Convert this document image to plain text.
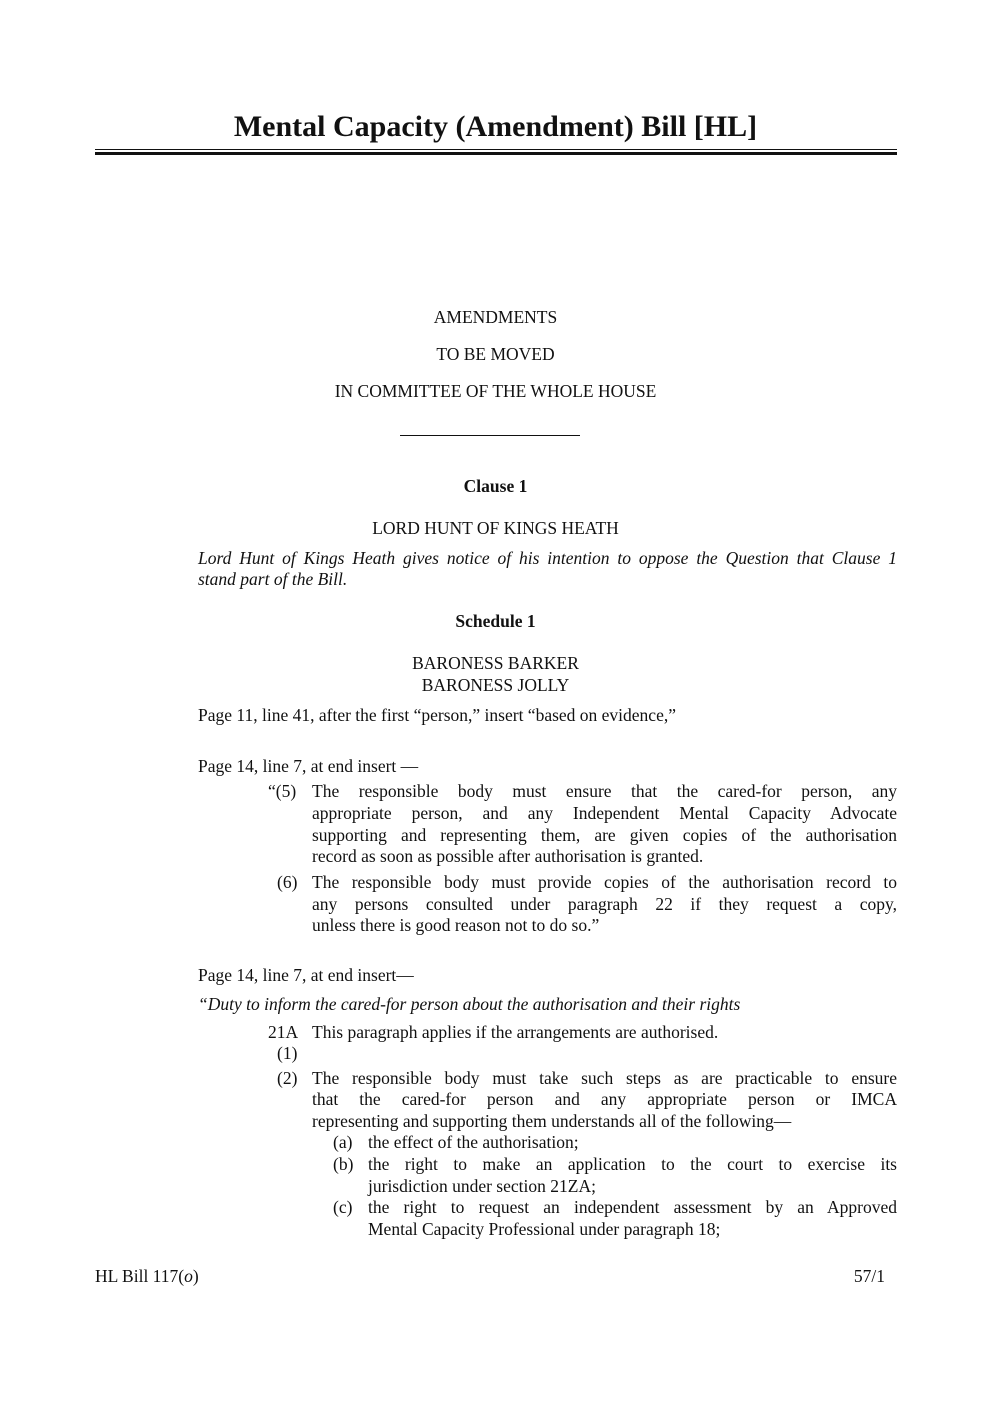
Mental Capacity (Amendment) Bill [HL]
AMENDMENTS
TO BE MOVED
IN COMMITTEE OF THE WHOLE HOUSE
Clause 1
LORD HUNT OF KINGS HEATH
Lord Hunt of Kings Heath gives notice of his intention to oppose the Question that Clause 1
stand part of the Bill.
Schedule 1
BARONESS BARKER
BARONESS JOLLY
Page 11, line 41, after the first “person,” insert “based on evidence,”
Page 14, line 7, at end insert —
“(5) The responsible body must ensure that the cared-for person, any
appropriate person, and any Independent Mental Capacity Advocate
supporting and representing them, are given copies of the authorisation
record as soon as possible after authorisation is granted.
(6) The responsible body must provide copies of the authorisation record to
any persons consulted under paragraph 22 if they request a copy,
unless there is good reason not to do so.”
Page 14, line 7, at end insert—
“Duty to inform the cared-for person about the authorisation and their rights
21A This paragraph applies if the arrangements are authorised.
(1)
(2) The responsible body must take such steps as are practicable to ensure
that the cared-for person and any appropriate person or IMCA
representing and supporting them understands all of the following—
(a) the effect of the authorisation;
(b) the right to make an application to the court to exercise its
jurisdiction under section 21ZA;
(c) the right to request an independent assessment by an Approved
Mental Capacity Professional under paragraph 18;
HL Bill 117(o)	57/1
